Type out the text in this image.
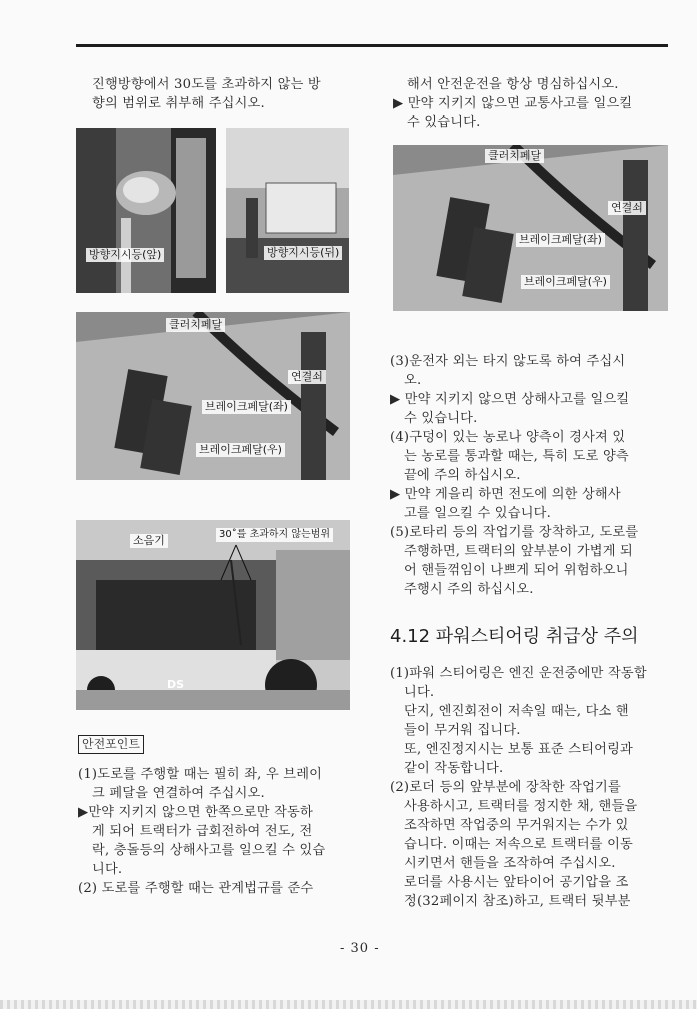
진행방향에서 30도를 초과하지 않는 방
향의 범위로 취부해 주십시오.
방향지시등(앞)	방향지시등(뒤)
클러치페달
연결쇠
브레이크페달(좌)
브레이크페달(우)
소음기	30˚를 초과하지 않는범위
DS
안전포인트
(1)도로를 주행할 때는 필히 좌, 우 브레이
크 페달을 연결하여 주십시오.
▶만약 지키지 않으면 한쪽으로만 작동하
게 되어 트랙터가 급회전하여 전도, 전
락, 충돌등의 상해사고를 일으킬 수 있습
니다.
(2) 도로를 주행할 때는 관계법규를 준수
해서 안전운전을 항상 명심하십시오.
▶ 만약 지키지 않으면 교통사고를 일으킬
수 있습니다.
클러치페달
연결쇠
브레이크페달(좌)
브레이크페달(우)
(3)운전자 외는 타지 않도록 하여 주십시
오.
▶ 만약 지키지 않으면 상해사고를 일으킬
수 있습니다.
(4)구덩이 있는 농로나 양측이 경사져 있
는 농로를 통과할 때는, 특히 도로 양측
끝에 주의 하십시오.
▶ 만약 게을리 하면 전도에 의한 상해사
고를 일으킬 수 있습니다.
(5)로타리 등의 작업기를 장착하고, 도로를
주행하면, 트랙터의 앞부분이 가볍게 되
어 핸들꺾임이 나쁘게 되어 위험하오니
주행시 주의 하십시오.
4.12 파워스티어링 취급상 주의
(1)파워 스티어링은 엔진 운전중에만 작동합
니다.
단지, 엔진회전이 저속일 때는, 다소 핸
들이 무거워 집니다.
또, 엔진정지시는 보통 표준 스티어링과
같이 작동합니다.
(2)로더 등의 앞부분에 장착한 작업기를
사용하시고, 트랙터를 정지한 채, 핸들을
조작하면 작업중의 무거워지는 수가 있
습니다. 이때는 저속으로 트랙터를 이동
시키면서 핸들을 조작하여 주십시오.
로더를 사용시는 앞타이어 공기압을 조
정(32페이지 참조)하고, 트랙터 뒷부분
- 30 -
